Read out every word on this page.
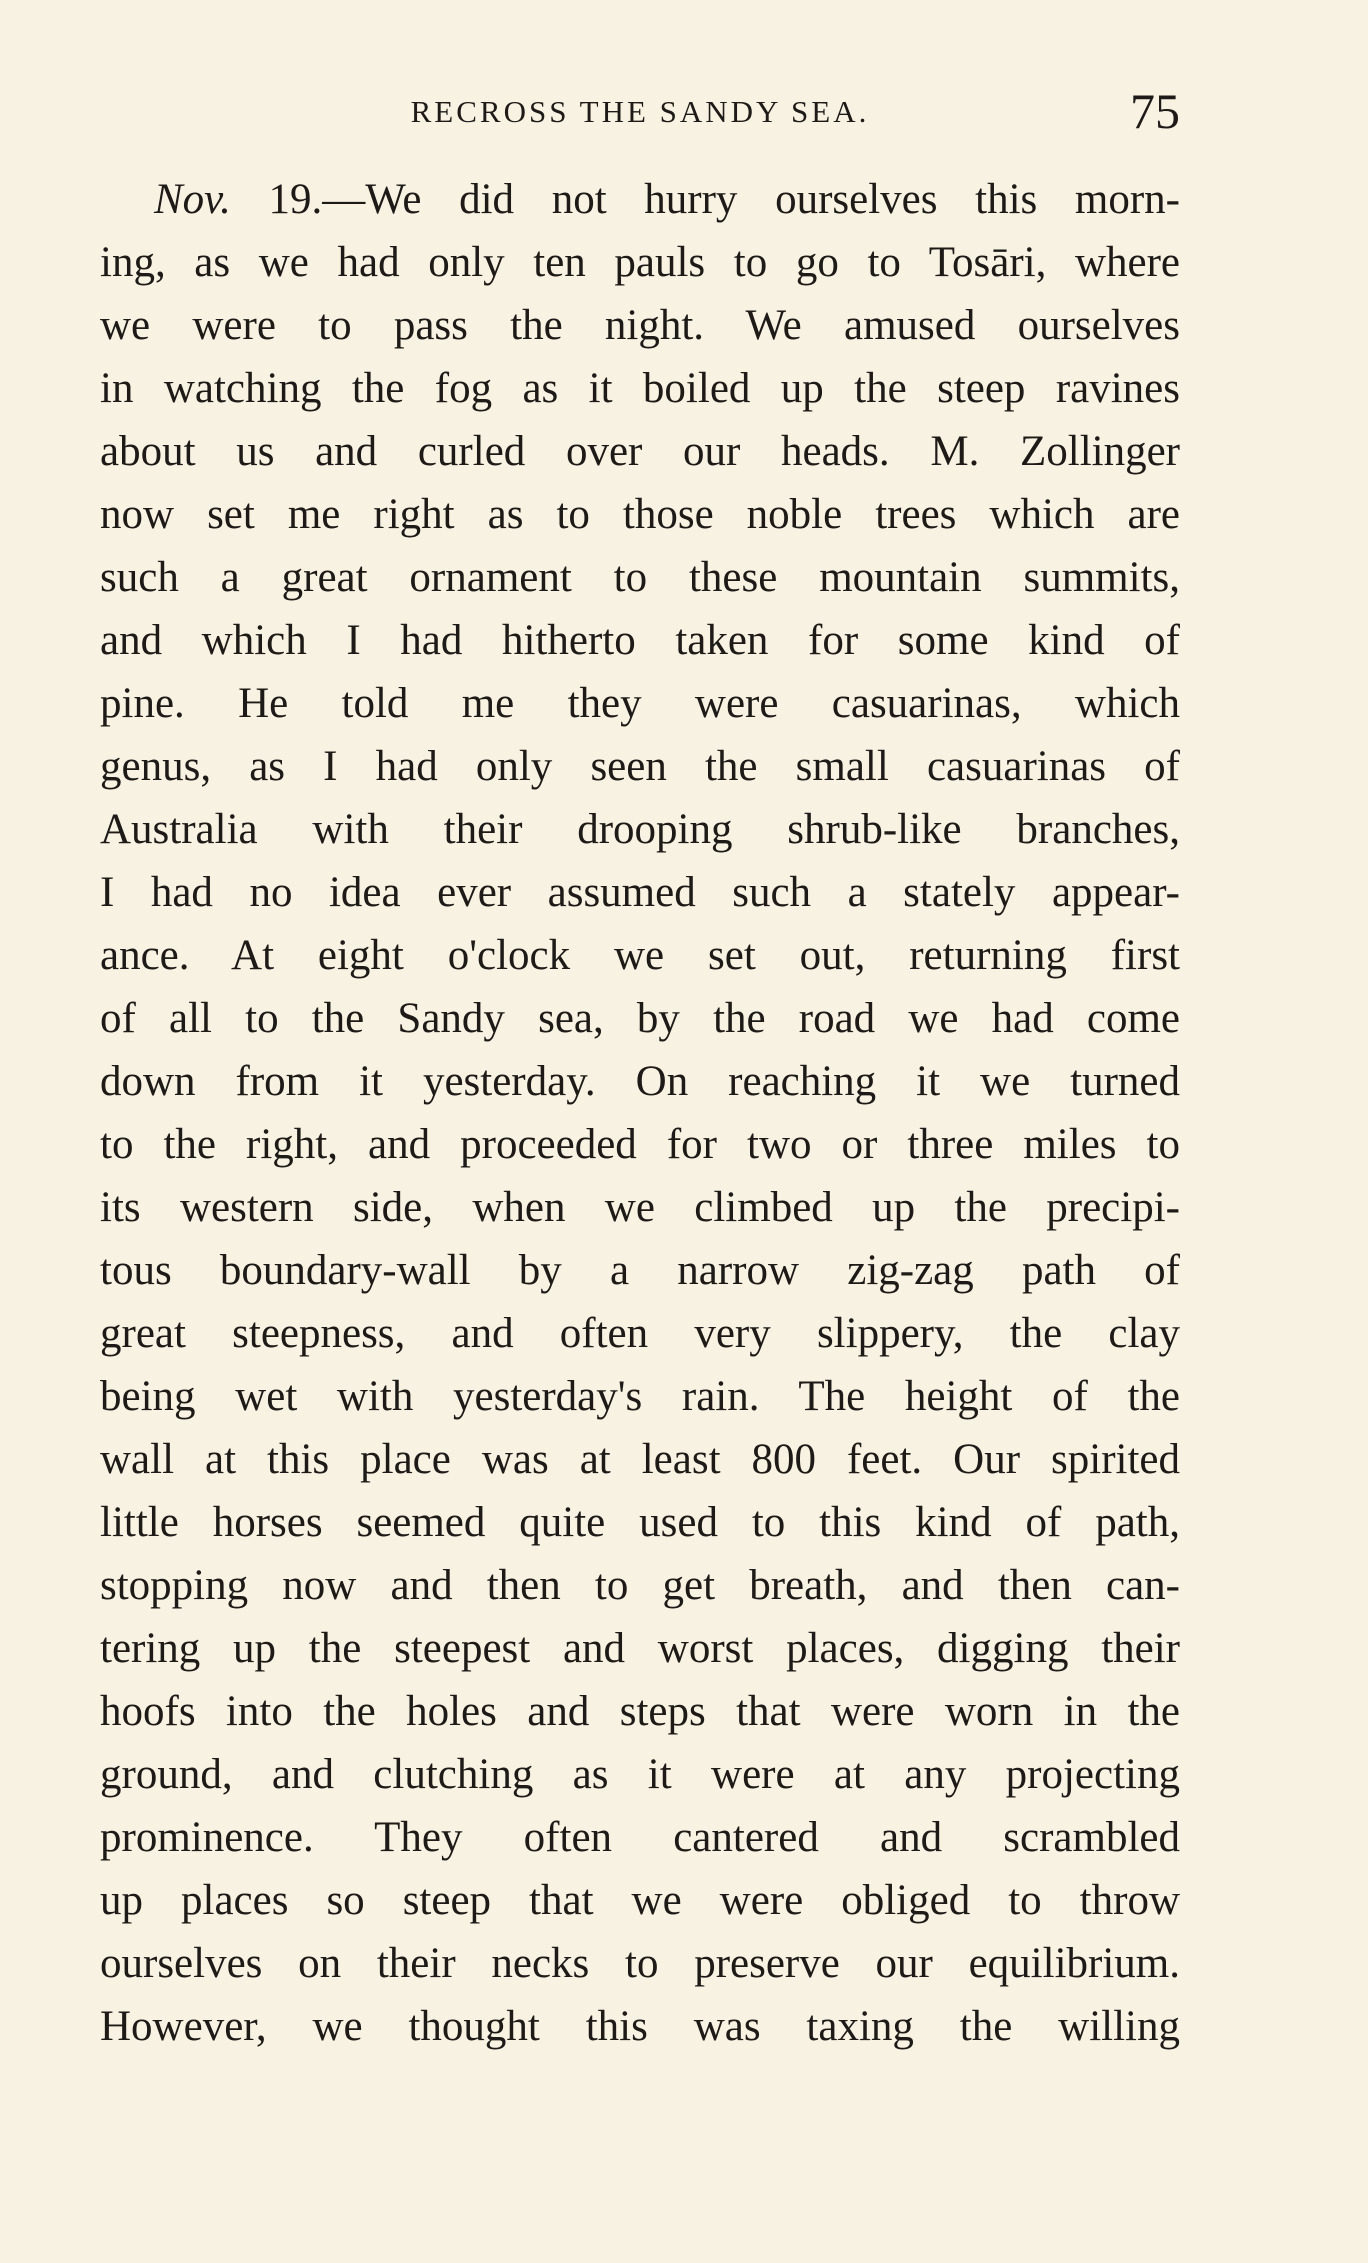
RECROSS THE SANDY SEA.	75
Nov. 19.—We did not hurry ourselves this morn-
ing, as we had only ten pauls to go to Tosāri, where
we were to pass the night. We amused ourselves
in watching the fog as it boiled up the steep ravines
about us and curled over our heads. M. Zollinger
now set me right as to those noble trees which are
such a great ornament to these mountain summits,
and which I had hitherto taken for some kind of
pine. He told me they were casuarinas, which
genus, as I had only seen the small casuarinas of
Australia with their drooping shrub-like branches,
I had no idea ever assumed such a stately appear-
ance. At eight o'clock we set out, returning first
of all to the Sandy sea, by the road we had come
down from it yesterday. On reaching it we turned
to the right, and proceeded for two or three miles to
its western side, when we climbed up the precipi-
tous boundary-wall by a narrow zig-zag path of
great steepness, and often very slippery, the clay
being wet with yesterday's rain. The height of the
wall at this place was at least 800 feet. Our spirited
little horses seemed quite used to this kind of path,
stopping now and then to get breath, and then can-
tering up the steepest and worst places, digging their
hoofs into the holes and steps that were worn in the
ground, and clutching as it were at any projecting
prominence. They often cantered and scrambled
up places so steep that we were obliged to throw
ourselves on their necks to preserve our equilibrium.
However, we thought this was taxing the willing
